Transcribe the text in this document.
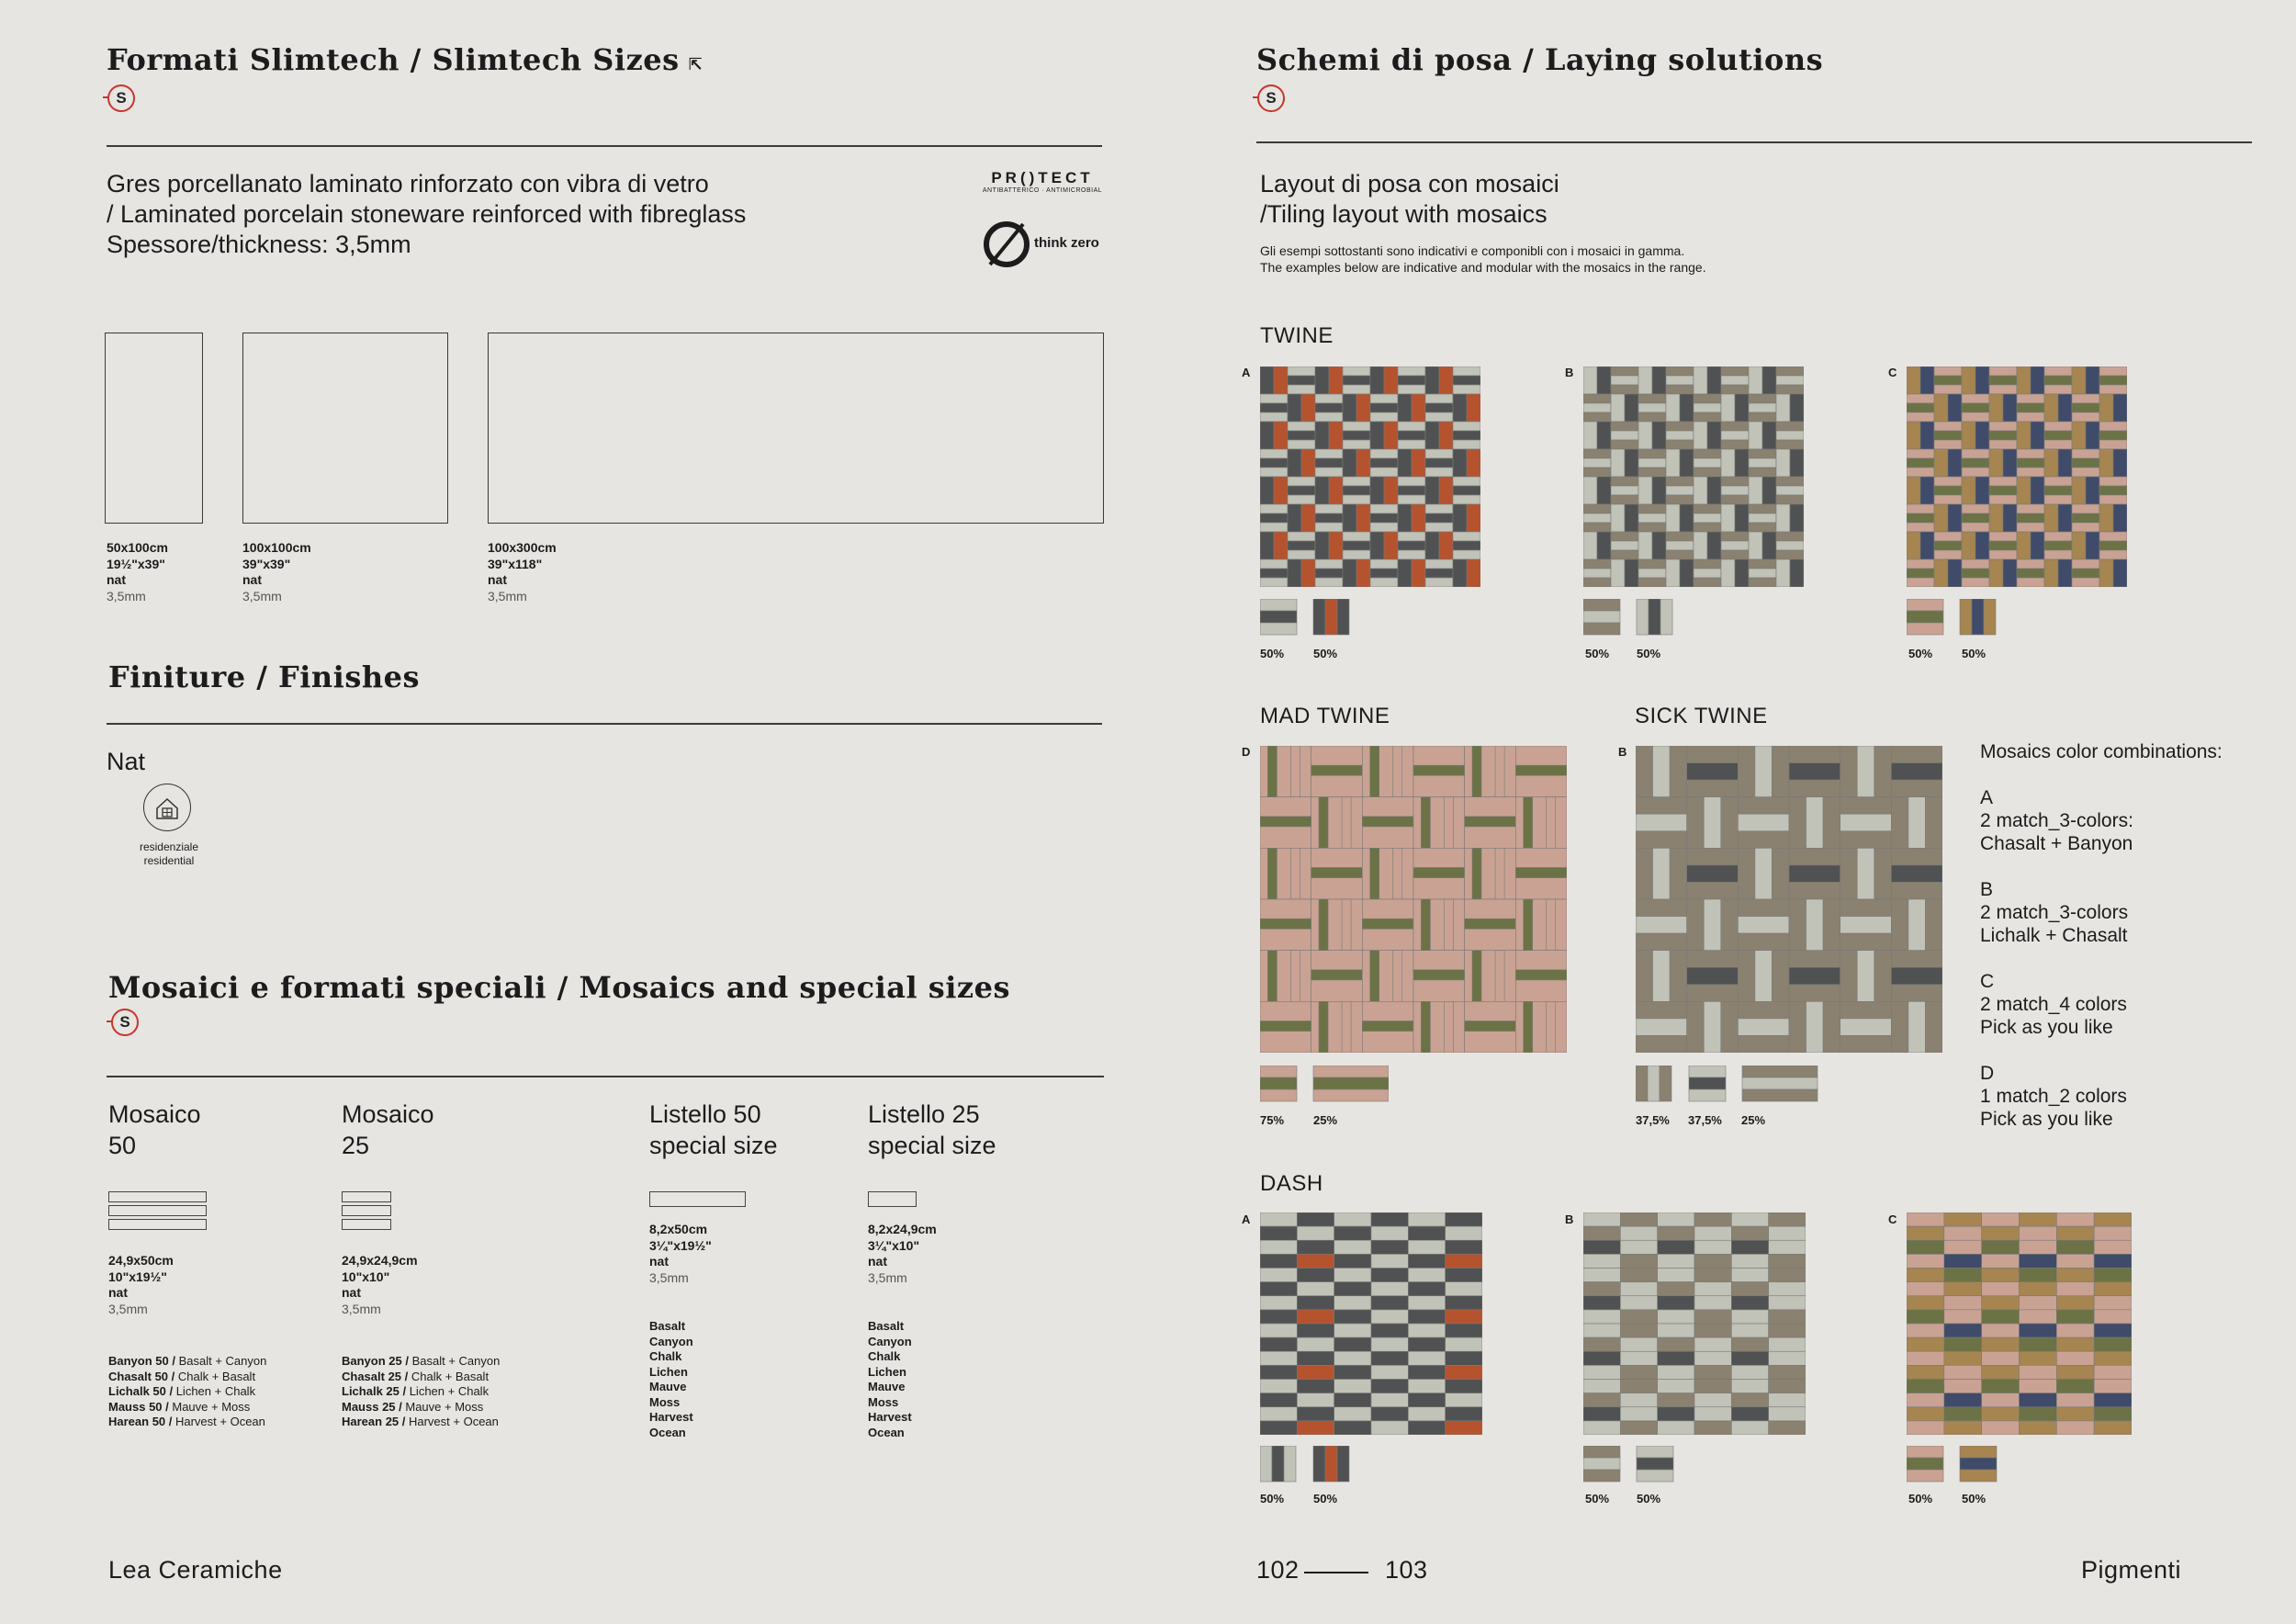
Formati Slimtech / Slimtech Sizes ⇱
S
Gres porcellanato laminato rinforzato con vibra di vetro
/ Laminated porcelain stoneware reinforced with fibreglass
Spessore/thickness: 3,5mm
PR()TECT
ANTIBATTERICO · ANTIMICROBIAL
think zero
50x100cm
19½"x39"
nat
3,5mm
100x100cm
39"x39"
nat
3,5mm
100x300cm
39"x118"
nat
3,5mm
Finiture / Finishes
Nat
residenziale
residential
Mosaici e formati speciali / Mosaics and special sizes
S
Mosaico
50
24,9x50cm
10"x19½"
nat
3,5mm
Banyon 50 / Basalt + Canyon
Chasalt 50 / Chalk + Basalt
Lichalk 50 / Lichen + Chalk
Mauss 50 / Mauve + Moss
Harean 50 / Harvest + Ocean
Mosaico
25
24,9x24,9cm
10"x10"
nat
3,5mm
Banyon 25 / Basalt + Canyon
Chasalt 25 / Chalk + Basalt
Lichalk 25 / Lichen + Chalk
Mauss 25 / Mauve + Moss
Harean 25 / Harvest + Ocean
Listello 50
special size
8,2x50cm
3¼"x19½"
nat
3,5mm
Basalt
Canyon
Chalk
Lichen
Mauve
Moss
Harvest
Ocean
Listello 25
special size
8,2x24,9cm
3¼"x10"
nat
3,5mm
Basalt
Canyon
Chalk
Lichen
Mauve
Moss
Harvest
Ocean
Lea Ceramiche
Schemi di posa / Laying solutions
S
Layout di posa con mosaici
/Tiling layout with mosaics
Gli esempi sottostanti sono indicativi e componibli con i mosaici in gamma.
The examples below are indicative and modular with the mosaics in the range.
TWINE
MAD TWINE	SICK TWINE
DASH
A	B	C
D	B
A	B	C
50% 50%	50% 50%	50% 50%
75% 25%	37,5% 37,5% 25%
50% 50%	50% 50%	50% 50%
Mosaics color combinations:
A
2 match_3-colors:
Chasalt + Banyon
B
2 match_3-colors
Lichalk + Chasalt
C
2 match_4 colors
Pick as you like
D
1 match_2 colors
Pick as you like
102	103	Pigmenti
